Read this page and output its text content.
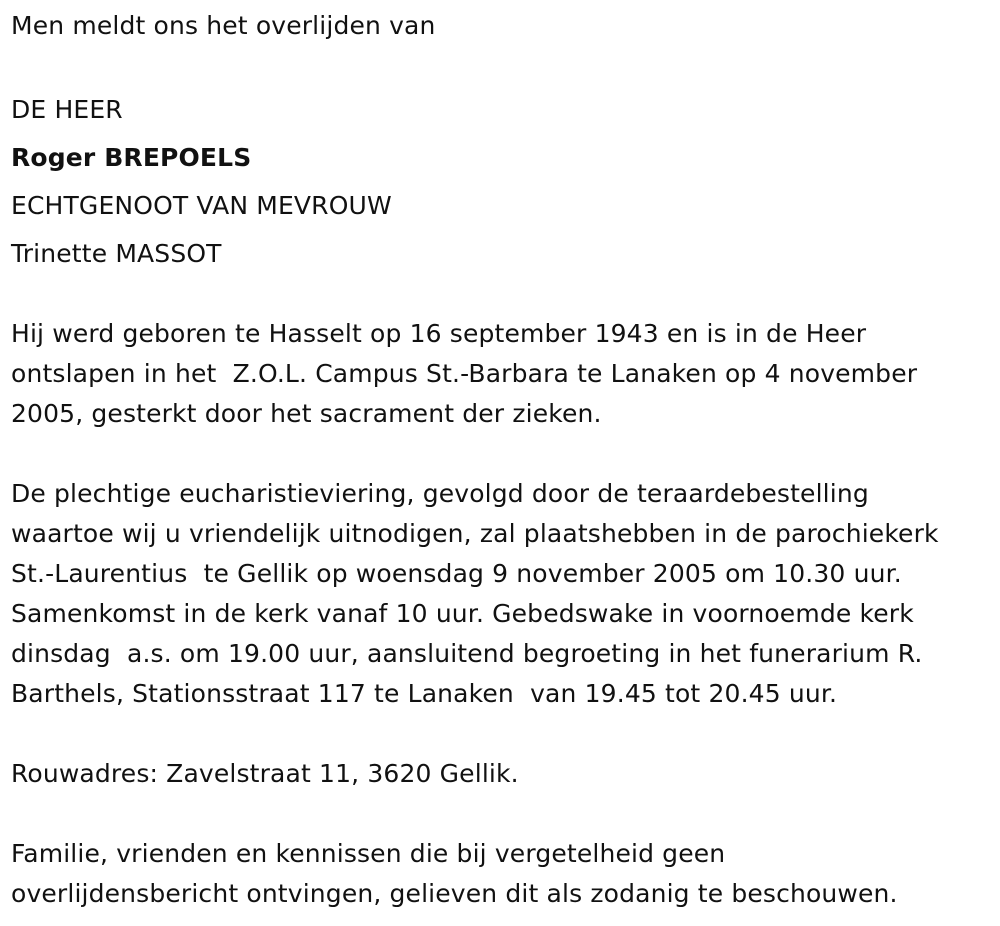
Men meldt ons het overlijden van
DE HEER
Roger BREPOELS
ECHTGENOOT VAN MEVROUW
Trinette MASSOT
Hij werd geboren te Hasselt op 16 september 1943 en is in de Heer
ontslapen in het  Z.O.L. Campus St.-Barbara te Lanaken op 4 november
2005, gesterkt door het sacrament der zieken.
De plechtige eucharistieviering, gevolgd door de teraardebestelling
waartoe wij u vriendelijk uitnodigen, zal plaatshebben in de parochiekerk
St.-Laurentius  te Gellik op woensdag 9 november 2005 om 10.30 uur.
Samenkomst in de kerk vanaf 10 uur. Gebedswake in voornoemde kerk
dinsdag  a.s. om 19.00 uur, aansluitend begroeting in het funerarium R.
Barthels, Stationsstraat 117 te Lanaken  van 19.45 tot 20.45 uur.
Rouwadres: Zavelstraat 11, 3620 Gellik.
Familie, vrienden en kennissen die bij vergetelheid geen
overlijdensbericht ontvingen, gelieven dit als zodanig te beschouwen.
